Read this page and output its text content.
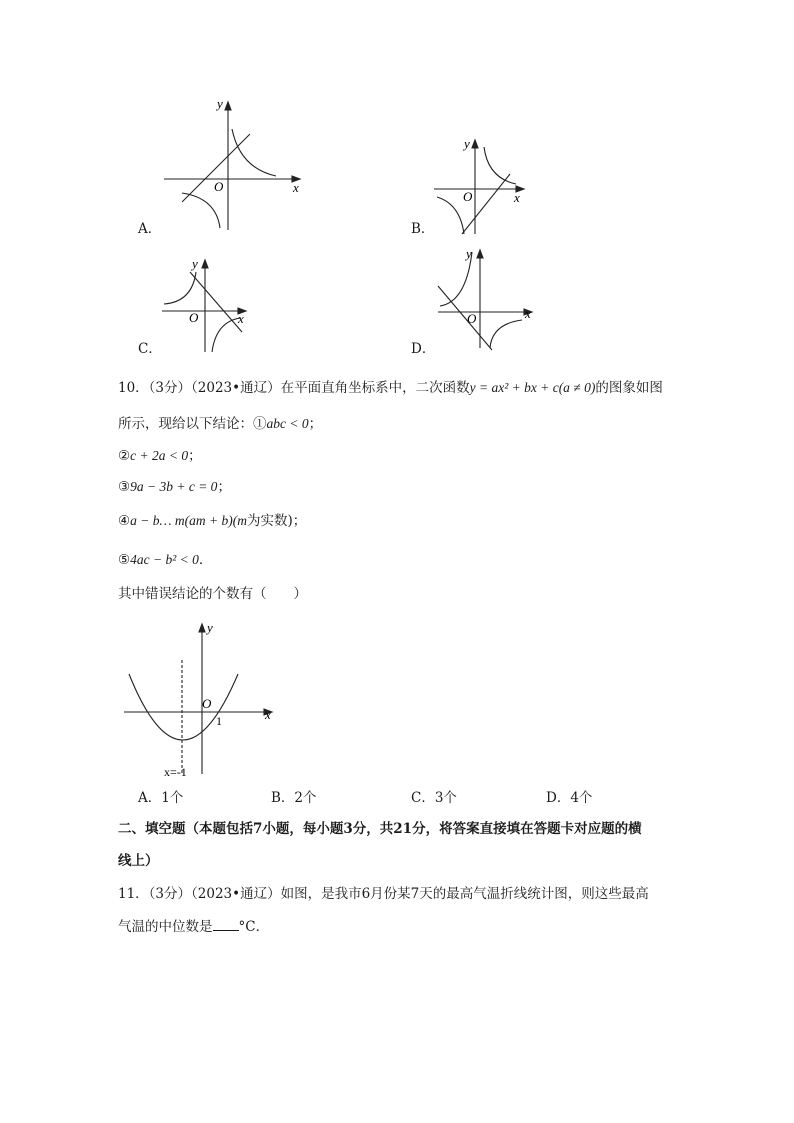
y
x
O
A．
y
x
O
B．
y
x
O
C．
y
x
O
D．
10．（3分）（2023•通辽）在平面直角坐标系中，二次函数y = ax² + bx + c(a ≠ 0)的图象如图
所示，现给以下结论：①abc < 0；
②c + 2a < 0；
③9a − 3b + c = 0；
④a − b… m(am + b)(m为实数)；
⑤4ac − b² < 0．
其中错误结论的个数有（　　）
y
x
O
1
x=-1
A．1个	B．2个	C．3个	D．4个
二、填空题（本题包括7小题，每小题3分，共21分，将答案直接填在答题卡对应题的横
线上）
11．（3分）（2023•通辽）如图，是我市6月份某7天的最高气温折线统计图，则这些最高
气温的中位数是 °C．
